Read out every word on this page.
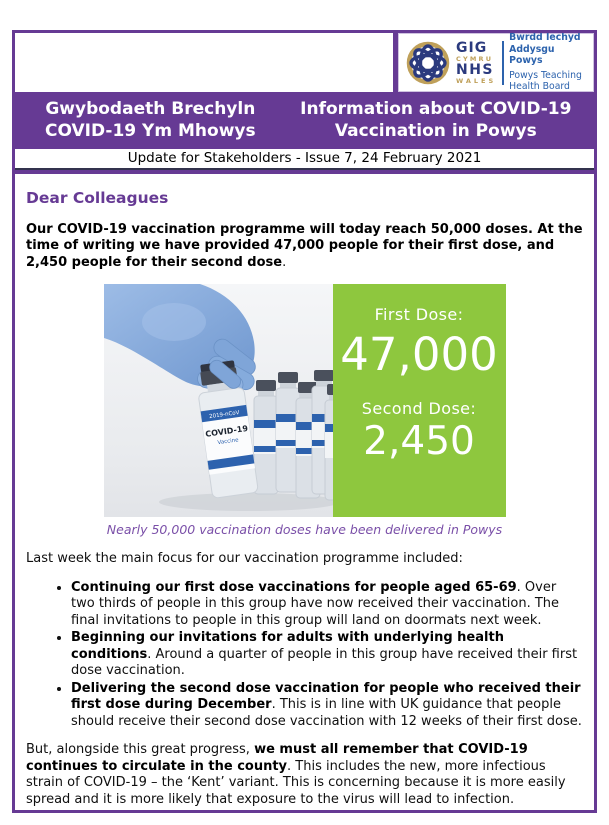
GIG
CYMRU
NHS
WALES
Bwrdd Iechyd
Addysgu Powys
Powys Teaching
Health Board
Gwybodaeth Brechyln
COVID-19 Ym Mhowys
Information about COVID-19
Vaccination in Powys
Update for Stakeholders - Issue 7, 24 February 2021
Dear Colleagues

Our COVID-19 vaccination programme will today reach 50,000 doses. At the time of writing we have provided 47,000 people for their first dose, and 2,450 people for their second dose.

2019-nCoV
COVID-19
Vaccine
First Dose:
47,000
Second Dose:
2,450
Nearly 50,000 vaccination doses have been delivered in Powys

Last week the main focus for our vaccination programme included:

• Continuing our first dose vaccinations for people aged 65-69. Over two thirds of people in this group have now received their vaccination. The final invitations to people in this group will land on doormats next week.
• Beginning our invitations for adults with underlying health conditions. Around a quarter of people in this group have received their first dose vaccination.
• Delivering the second dose vaccination for people who received their first dose during December. This is in line with UK guidance that people should receive their second dose vaccination with 12 weeks of their first dose.

But, alongside this great progress, we must all remember that COVID-19 continues to circulate in the county. This includes the new, more infectious strain of COVID-19 – the ‘Kent’ variant. This is concerning because it is more easily spread and it is more likely that exposure to the virus will lead to infection.
